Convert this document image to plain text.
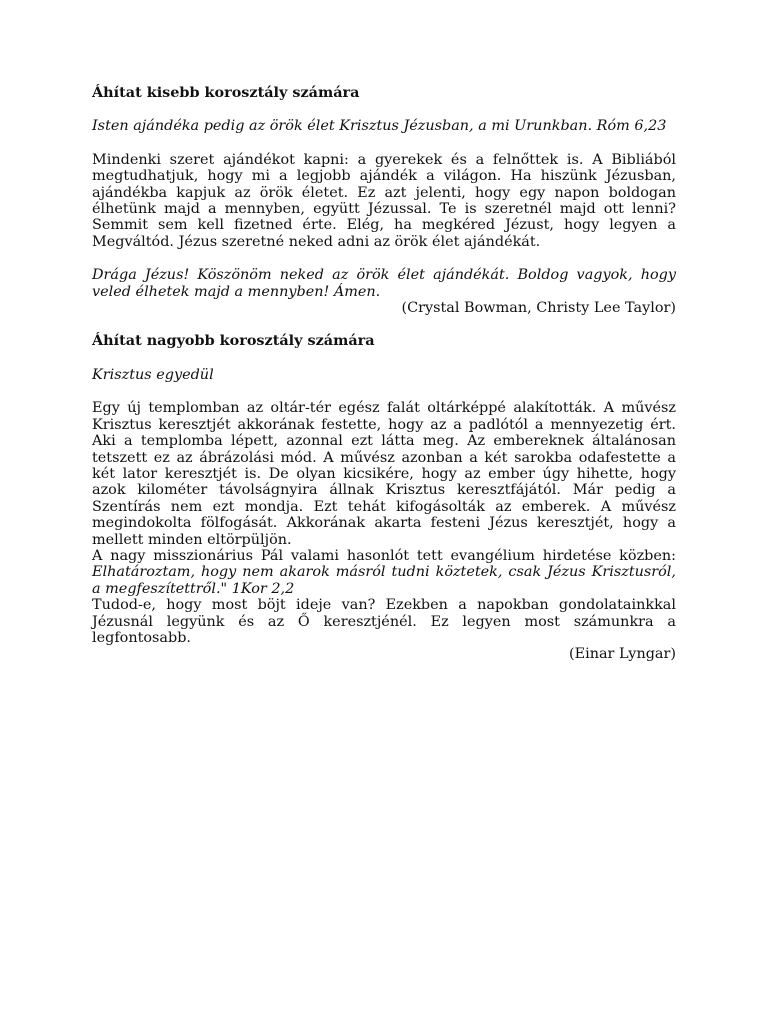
Áhítat kisebb korosztály számára

Isten ajándéka pedig az örök élet Krisztus Jézusban, a mi Urunkban. Róm 6,23

Mindenki szeret ajándékot kapni: a gyerekek és a felnőttek is. A Bibliából megtudhatjuk, hogy mi a legjobb ajándék a világon. Ha hiszünk Jézusban, ajándékba kapjuk az örök életet. Ez azt jelenti, hogy egy napon boldogan élhetünk majd a mennyben, együtt Jézussal. Te is szeretnél majd ott lenni? Semmit sem kell fizetned érte. Elég, ha megkéred Jézust, hogy legyen a Megváltód. Jézus szeretné neked adni az örök élet ajándékát.

Drága Jézus! Köszönöm neked az örök élet ajándékát. Boldog vagyok, hogy veled élhetek majd a mennyben! Ámen.

(Crystal Bowman, Christy Lee Taylor)

Áhítat nagyobb korosztály számára

Krisztus egyedül

Egy új templomban az oltár-tér egész falát oltárképpé alakították. A művész Krisztus keresztjét akkorának festette, hogy az a padlótól a mennyezetig ért. Aki a templomba lépett, azonnal ezt látta meg. Az embereknek általánosan tetszett ez az ábrázolási mód. A művész azonban a két sarokba odafestette a két lator keresztjét is. De olyan kicsikére, hogy az ember úgy hihette, hogy azok kilométer távolságnyira állnak Krisztus keresztfájától. Már pedig a Szentírás nem ezt mondja. Ezt tehát kifogásolták az emberek. A művész megindokolta fölfogását. Akkorának akarta festeni Jézus keresztjét, hogy a mellett minden eltörpüljön.

A nagy misszionárius Pál valami hasonlót tett evangélium hirdetése közben: Elhatároztam, hogy nem akarok másról tudni köztetek, csak Jézus Krisztusról, a megfeszítettről." 1Kor 2,2

Tudod-e, hogy most böjt ideje van? Ezekben a napokban gondolatainkkal Jézusnál legyünk és az Ő keresztjénél. Ez legyen most számunkra a legfontosabb.

(Einar Lyngar)
